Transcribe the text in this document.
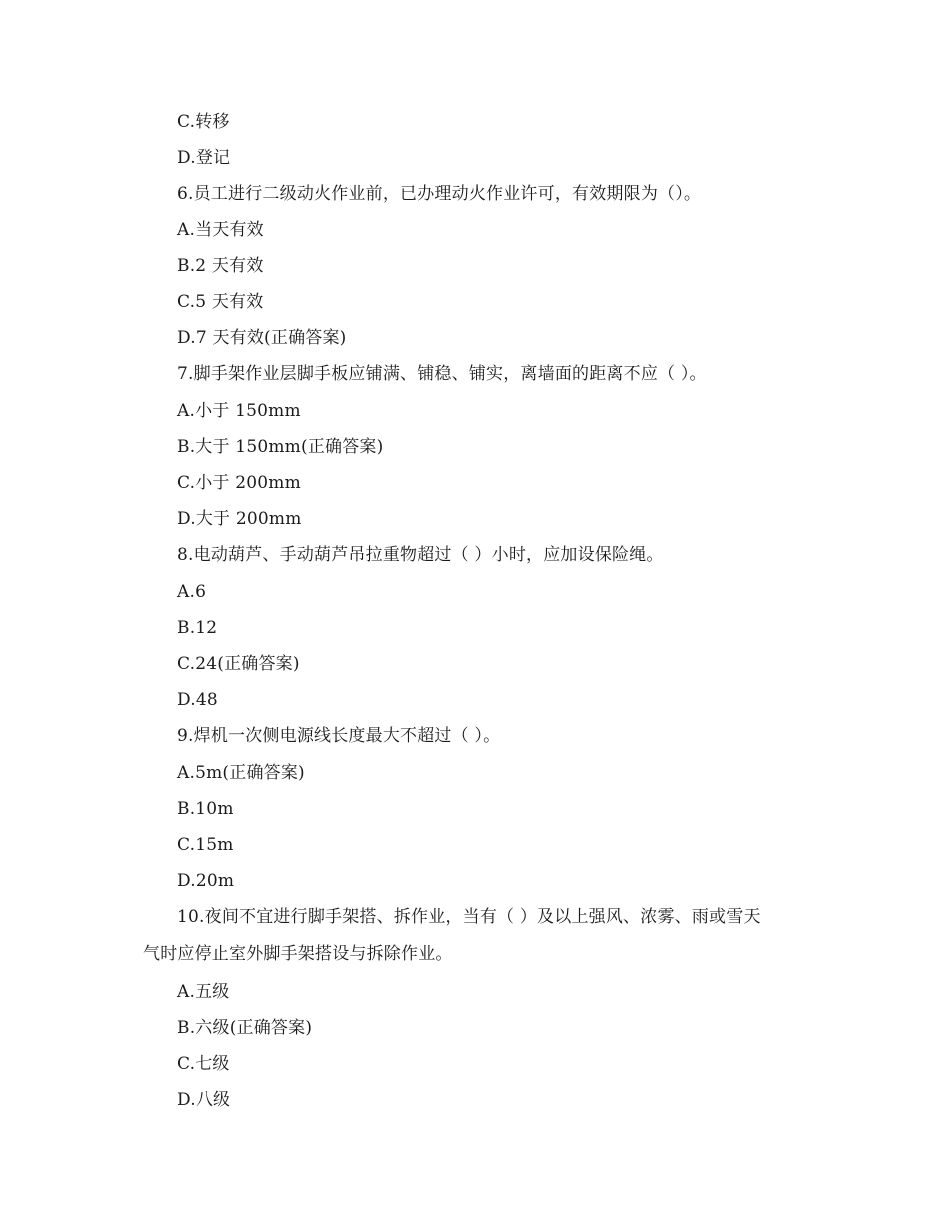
C.转移
D.登记
6.员工进行二级动火作业前，已办理动火作业许可，有效期限为（）。
A.当天有效
B.2 天有效
C.5 天有效
D.7 天有效(正确答案)
7.脚手架作业层脚手板应铺满、铺稳、铺实，离墙面的距离不应（ ）。
A.小于 150mm
B.大于 150mm(正确答案)
C.小于 200mm
D.大于 200mm
8.电动葫芦、手动葫芦吊拉重物超过（ ）小时，应加设保险绳。
A.6
B.12
C.24(正确答案)
D.48
9.焊机一次侧电源线长度最大不超过（ ）。
A.5m(正确答案)
B.10m
C.15m
D.20m
10.夜间不宜进行脚手架搭、拆作业，当有（ ）及以上强风、浓雾、雨或雪天
气时应停止室外脚手架搭设与拆除作业。
A.五级
B.六级(正确答案)
C.七级
D.八级
